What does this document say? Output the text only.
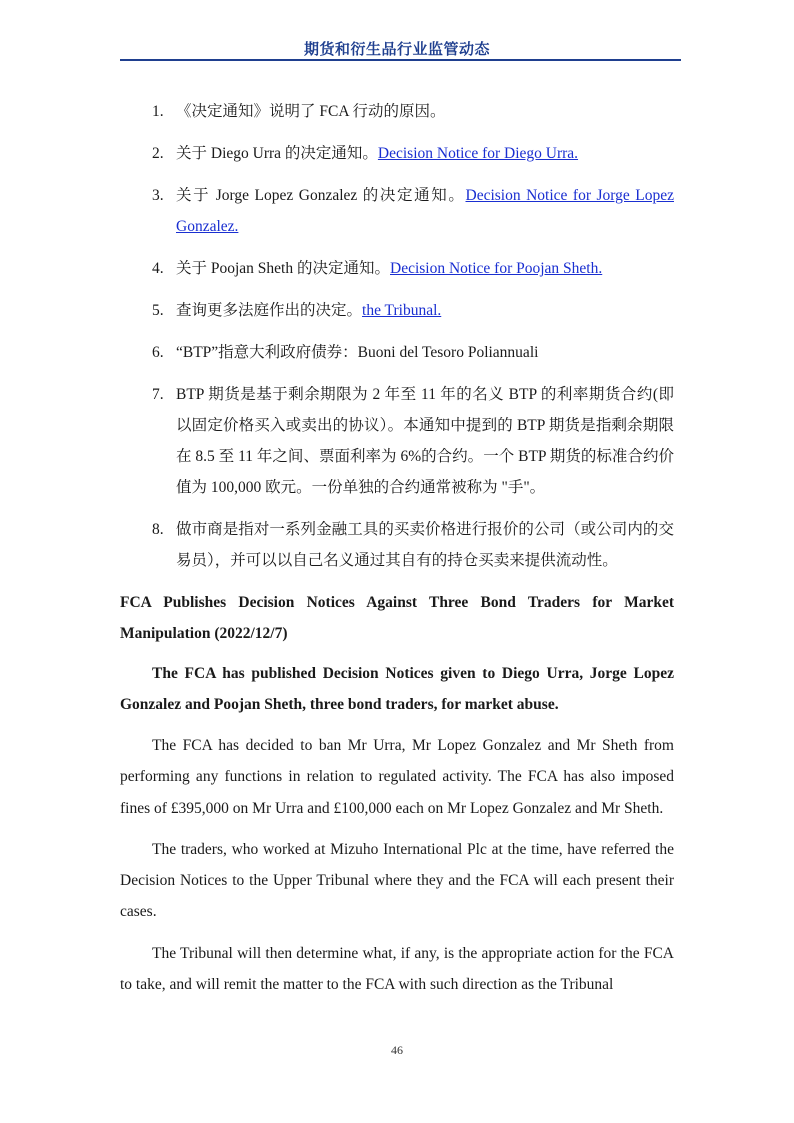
期货和衍生品行业监管动态
1. 《决定通知》说明了 FCA 行动的原因。
2. 关于 Diego Urra 的决定通知。Decision Notice for Diego Urra.
3. 关于 Jorge Lopez Gonzalez 的决定通知。Decision Notice for Jorge Lopez Gonzalez.
4. 关于 Poojan Sheth 的决定通知。Decision Notice for Poojan Sheth.
5. 查询更多法庭作出的决定。the Tribunal.
6. “BTP”指意大利政府债券：Buoni del Tesoro Poliannuali
7. BTP 期货是基于剩余期限为 2 年至 11 年的名义 BTP 的利率期货合约(即以固定价格买入或卖出的协议）。本通知中提到的 BTP 期货是指剩余期限在 8.5 至 11 年之间、票面利率为 6%的合约。一个 BTP 期货的标准合约价值为 100,000 欧元。一份单独的合约通常被称为 "手"。
8. 做市商是指对一系列金融工具的买卖价格进行报价的公司（或公司内的交易员），并可以以自己名义通过其自有的持仓买卖来提供流动性。
FCA Publishes Decision Notices Against Three Bond Traders for Market Manipulation (2022/12/7)

The FCA has published Decision Notices given to Diego Urra, Jorge Lopez Gonzalez and Poojan Sheth, three bond traders, for market abuse.

The FCA has decided to ban Mr Urra, Mr Lopez Gonzalez and Mr Sheth from performing any functions in relation to regulated activity. The FCA has also imposed fines of £395,000 on Mr Urra and £100,000 each on Mr Lopez Gonzalez and Mr Sheth.

The traders, who worked at Mizuho International Plc at the time, have referred the Decision Notices to the Upper Tribunal where they and the FCA will each present their cases.

The Tribunal will then determine what, if any, is the appropriate action for the FCA to take, and will remit the matter to the FCA with such direction as the Tribunal

46
